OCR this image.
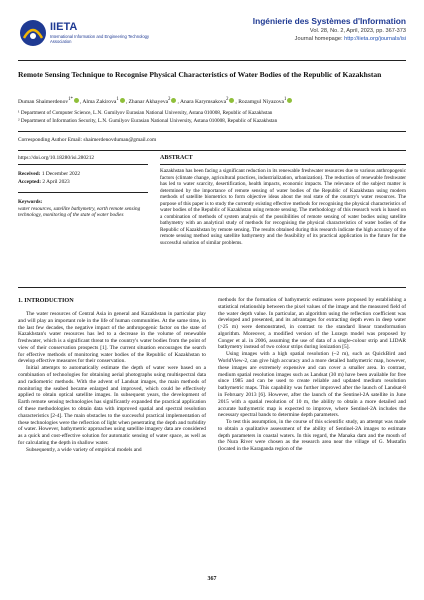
IIETA
International Information and Engineering Technology Association
Ingénierie des Systèmes d'Information
Vol. 28, No. 2, April, 2023, pp. 367-373
Journal homepage: http://iieta.org/journals/isi
Remote Sensing Technique to Recognise Physical Characteristics of Water Bodies of the Republic of Kazakhstan
Duman Shaimerdenov$^{1*}$ , Alma Zakirova$^1$ , Zhanar Akhayeva$^2$ , Anara Karymsakova$^2$ , Rozamgul Niyazova$^1$
¹ Department of Computer Science, L.N. Gumilyov Eurasian National University, Astana 010008, Republic of Kazakhstan
² Department of Information Security, L.N. Gumilyov Eurasian National University, Astana 010008, Republic of Kazakhstan
Corresponding Author Email: shaimerdenovduman@gmail.com
https://doi.org/10.18280/isi.280212	ABSTRACT
Received: 1 December 2022
Accepted: 2 April 2023
Keywords:
water resources, satellite bathymetry, earth remote sensing technology, monitoring of the state of water bodies
Kazakhstan has been facing a significant reduction in its renewable freshwater resources due to various anthropogenic factors (climate change, agricultural practices, industrialization, urbanization). The reduction of renewable freshwater has led to water scarcity, desertification, health impacts, economic impacts. The relevance of the subject matter is determined by the importance of remote sensing of water bodies of the Republic of Kazakhstan using modern methods of satellite biometrics to form objective ideas about the real state of the country's water resources. The purpose of this paper is to study the currently existing effective methods for recognising the physical characteristics of water bodies of the Republic of Kazakhstan using remote sensing. The methodology of this research work is based on a combination of methods of system analysis of the possibilities of remote sensing of water bodies using satellite bathymetry with an analytical study of methods for recognising the physical characteristics of water bodies of the Republic of Kazakhstan by remote sensing. The results obtained during this research indicate the high accuracy of the remote sensing method using satellite bathymetry and the feasibility of its practical application in the future for the successful solution of similar problems.
1. INTRODUCTION

The water resources of Central Asia in general and Kazakhstan in particular play and will play an important role in the life of human communities. At the same time, in the last few decades, the negative impact of the anthropogenic factor on the state of Kazakhstan's water resources has led to a decrease in the volume of renewable freshwater, which is a significant threat to the country's water bodies from the point of view of their conservation prospects [1]. The current situation encourages the search for effective methods of monitoring water bodies of the Republic of Kazakhstan to develop effective measures for their conservation.

Initial attempts to automatically estimate the depth of water were based on a combination of technologies for obtaining aerial photographs using multispectral data and radiometric methods. With the advent of Landsat images, the main methods of monitoring the seabed became enlarged and improved, which could be effectively applied to obtain optical satellite images. In subsequent years, the development of Earth remote sensing technologies has significantly expanded the practical application of these methodologies to obtain data with improved spatial and spectral resolution characteristics [2-4]. The main obstacles to the successful practical implementation of these technologies were the reflection of light when penetrating the depth and turbidity of water. However, bathymetric approaches using satellite imagery data are considered as a quick and cost-effective solution for automatic sensing of water space, as well as for calculating the depth in shallow water.

Subsequently, a wide variety of empirical models and

methods for the formation of bathymetric estimates were proposed by establishing a statistical relationship between the pixel values of the image and the measured field of the water depth value. In particular, an algorithm using the reflection coefficient was developed and presented, and its advantages for extracting depth even in deep water (>25 m) were demonstrated, in contrast to the standard linear transformation algorithm. Moreover, a modified version of the Lozegn model was proposed by Conger et al. in 2006, assuming the use of data of a single-colour strip and LIDAR bathymetry instead of two colour strips during ionization [5].

Using images with a high spatial resolution (~2 m), such as QuickBird and WorldView-2, can give high accuracy and a more detailed bathymetric map, however, these images are extremely expensive and can cover a smaller area. In contrast, medium spatial resolution images such as Landsat (30 m) have been available for free since 1985 and can be used to create reliable and updated medium resolution bathymetric maps. This capability was further improved after the launch of Landsat-8 in February 2013 [6]. However, after the launch of the Sentinel-2A satellite in June 2015 with a spatial resolution of 10 m, the ability to obtain a more detailed and accurate bathymetric map is expected to improve, where Sentinel-2A includes the necessary spectral bands to determine depth parameters.

To test this assumption, in the course of this scientific study, an attempt was made to obtain a qualitative assessment of the ability of Sentinel-2A images to estimate depth parameters in coastal waters. In this regard, the Manaka dam and the mouth of the Nura River were chosen as the research area near the village of G. Mustafin (located in the Karaganda region of the

367
